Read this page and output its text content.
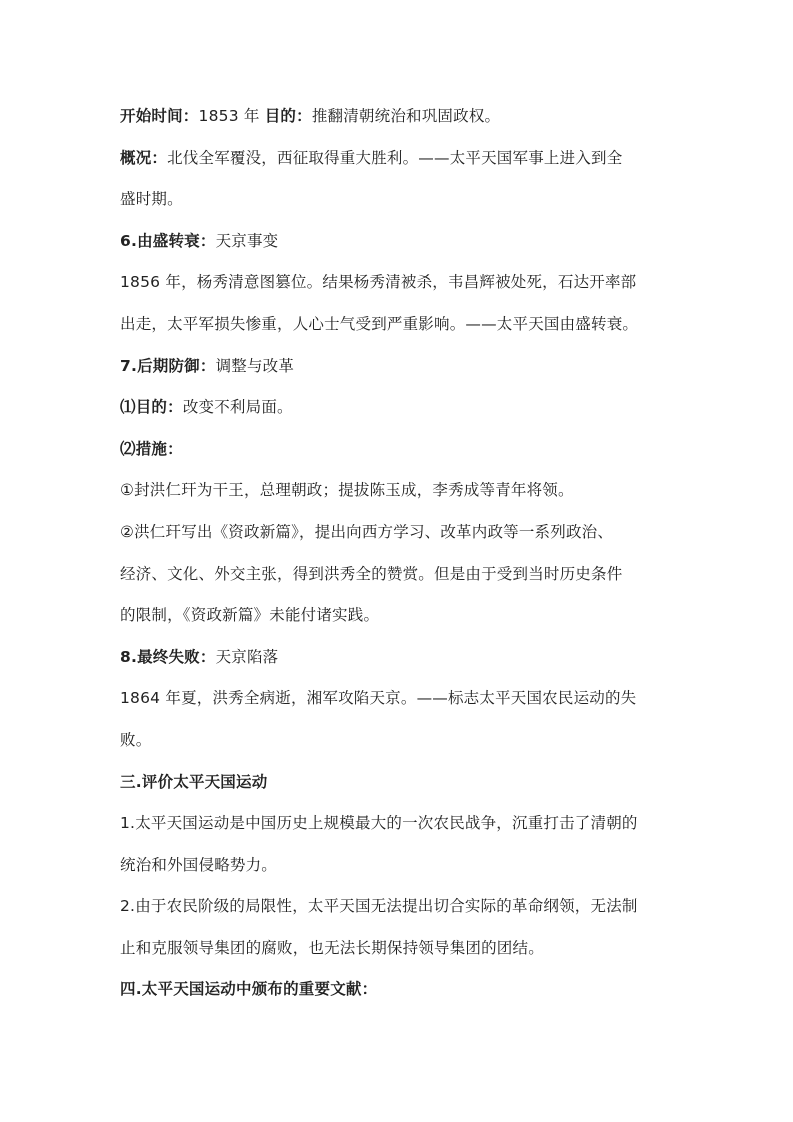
开始时间：1853 年 目的：推翻清朝统治和巩固政权。
概况：北伐全军覆没，西征取得重大胜利。——太平天国军事上进入到全
盛时期。
6.由盛转衰：天京事变
1856 年，杨秀清意图篡位。结果杨秀清被杀，韦昌辉被处死，石达开率部
出走，太平军损失惨重，人心士气受到严重影响。——太平天国由盛转衰。
7.后期防御：调整与改革
⑴目的：改变不利局面。
⑵措施：
①封洪仁玕为干王，总理朝政；提拔陈玉成，李秀成等青年将领。
②洪仁玕写出《资政新篇》，提出向西方学习、改革内政等一系列政治、
经济、文化、外交主张，得到洪秀全的赞赏。但是由于受到当时历史条件
的限制，《资政新篇》未能付诸实践。
8.最终失败：天京陷落
1864 年夏，洪秀全病逝，湘军攻陷天京。——标志太平天国农民运动的失
败。
三.评价太平天国运动
1.太平天国运动是中国历史上规模最大的一次农民战争，沉重打击了清朝的
统治和外国侵略势力。
2.由于农民阶级的局限性，太平天国无法提出切合实际的革命纲领，无法制
止和克服领导集团的腐败，也无法长期保持领导集团的团结。
四.太平天国运动中颁布的重要文献：
